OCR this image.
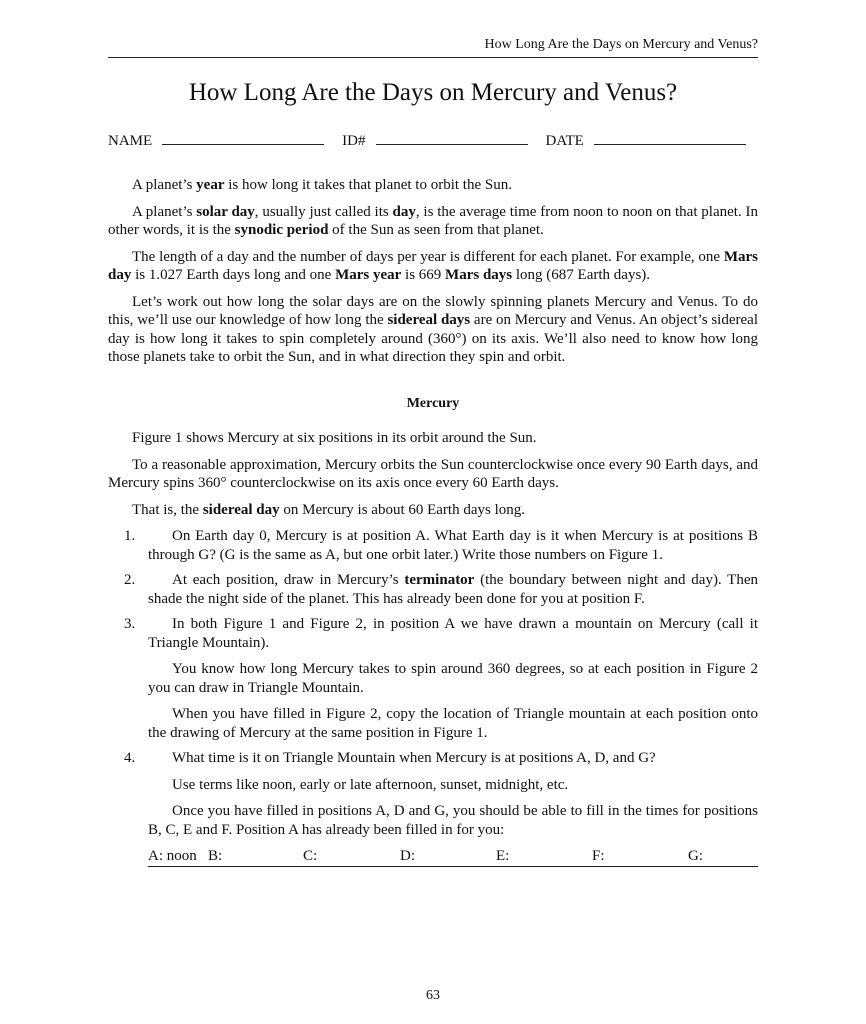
How Long Are the Days on Mercury and Venus?
How Long Are the Days on Mercury and Venus?
NAME	ID#	DATE

A planet’s year is how long it takes that planet to orbit the Sun.

A planet’s solar day, usually just called its day, is the average time from noon to noon on that planet. In other words, it is the synodic period of the Sun as seen from that planet.

The length of a day and the number of days per year is different for each planet. For example, one Mars day is 1.027 Earth days long and one Mars year is 669 Mars days long (687 Earth days).

Let’s work out how long the solar days are on the slowly spinning planets Mercury and Venus. To do this, we’ll use our knowledge of how long the sidereal days are on Mercury and Venus. An object’s sidereal day is how long it takes to spin completely around (360°) on its axis. We’ll also need to know how long those planets take to orbit the Sun, and in what direction they spin and orbit.

Mercury

Figure 1 shows Mercury at six positions in its orbit around the Sun.

To a reasonable approximation, Mercury orbits the Sun counterclockwise once every 90 Earth days, and Mercury spins 360° counterclockwise on its axis once every 60 Earth days.

That is, the sidereal day on Mercury is about 60 Earth days long.

1.	On Earth day 0, Mercury is at position A. What Earth day is it when Mercury is at positions B through G? (G is the same as A, but one orbit later.) Write those numbers on Figure 1.

2.	At each position, draw in Mercury’s terminator (the boundary between night and day). Then shade the night side of the planet. This has already been done for you at position F.

3.	In both Figure 1 and Figure 2, in position A we have drawn a mountain on Mercury (call it Triangle Mountain).

You know how long Mercury takes to spin around 360 degrees, so at each position in Figure 2 you can draw in Triangle Mountain.

When you have filled in Figure 2, copy the location of Triangle mountain at each position onto the drawing of Mercury at the same position in Figure 1.

4.	What time is it on Triangle Mountain when Mercury is at positions A, D, and G?

Use terms like noon, early or late afternoon, sunset, midnight, etc.

Once you have filled in positions A, D and G, you should be able to fill in the times for positions B, C, E and F. Position A has already been filled in for you:

A: noon B:	C:	D:	E:	F:	G:
63
